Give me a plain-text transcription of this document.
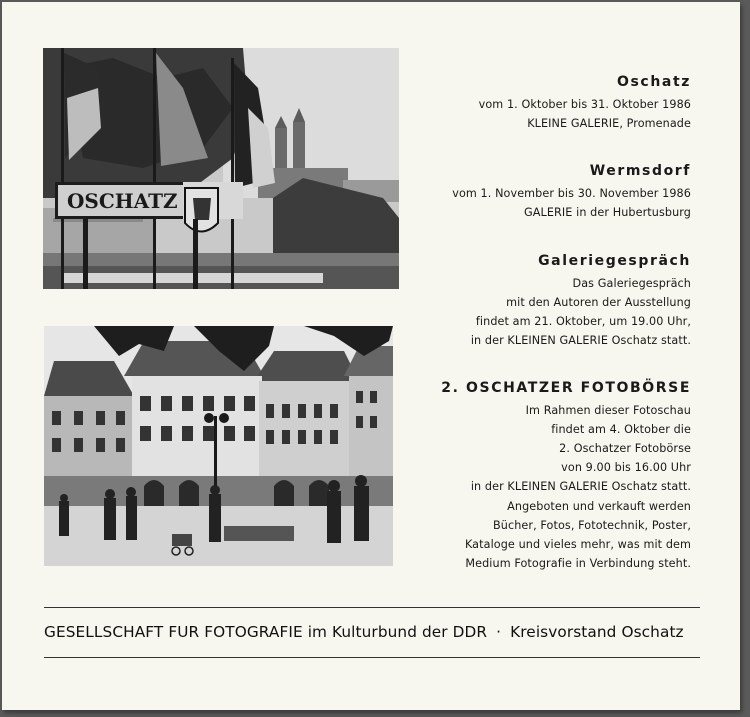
OSCHATZ
Oschatz
vom 1. Oktober bis 31. Oktober 1986
KLEINE GALERIE, Promenade
Wermsdorf
vom 1. November bis 30. November 1986
GALERIE in der Hubertusburg
Galeriegespräch
Das Galeriegespräch
mit den Autoren der Ausstellung
findet am 21. Oktober, um 19.00 Uhr,
in der KLEINEN GALERIE Oschatz statt.
2. OSCHATZER FOTOBÖRSE
Im Rahmen dieser Fotoschau
findet am 4. Oktober die
2. Oschatzer Fotobörse
von 9.00 bis 16.00 Uhr
in der KLEINEN GALERIE Oschatz statt.
Angeboten und verkauft werden
Bücher, Fotos, Fototechnik, Poster,
Kataloge und vieles mehr, was mit dem
Medium Fotografie in Verbindung steht.
GESELLSCHAFT FUR FOTOGRAFIE im Kulturbund der DDR · Kreisvorstand Oschatz
